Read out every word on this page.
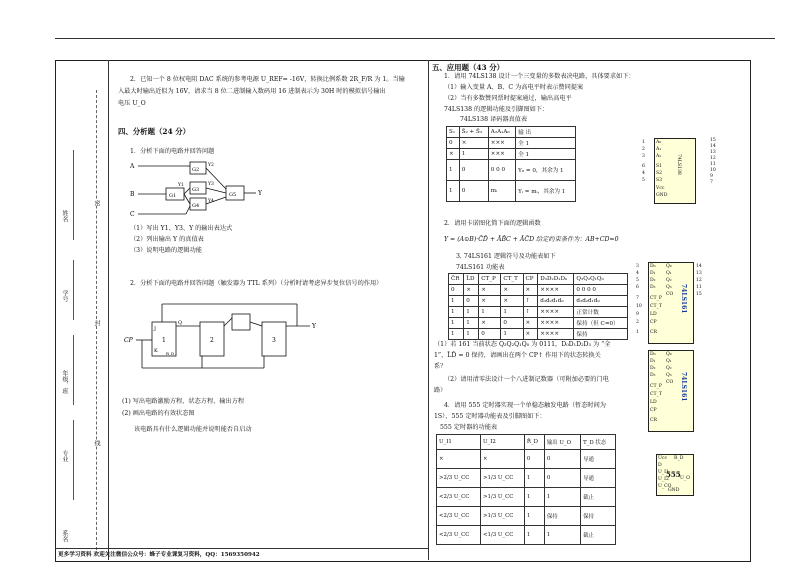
姓名
学号
年级、班
专业
系名
密
封
线
2．已知一个 8 位权电阻 DAC 系统的参考电源 U_REF= -16V，转换比例系数 2R_F/R 为 1。当输
入最大时输出近似为 16V，请求当 8 位二进制输入数码用 16 进制表示为 30H 时的模拟信号输出
电压 U_O
四、分析题（24 分）
1．分析下面的电路并回答问题
A
B
C
G1
G2
G3
G4
G5
Y1
Y2
Y3
Y4
Y
（1）写出 Y1、Y3、Y 的输出表达式
（2）列出输出 Y 的真值表
（3）说明电路的逻辑功能
2．分析下面的电路并回答问题（触发器为 TTL 系列）（分析时请考虑异步复位信号的作用）
CP	1	2	3
J
K
Q
R_D
Y
(1) 写出电路激励方程、状态方程、输出方程
(2) 画出电路的有效状态图
该电路具有什么逻辑功能并说明能否自启动
更多学习资料 欢迎关注微信公众号：蜂子专业课复习资料，QQ：1569350942
五、应用题（43 分）
1．请用 74LS138 设计一个三变量的多数表决电路，具体要求如下：
（1）输入变量 A、B、C 为高电平时表示赞同提案
（2）当有多数赞同票时提案通过，输出高电平
74LS138 的逻辑功能及引脚图如下：
74LS138 译码器真值表
S₁	S̄₂ + S̄₃	A₂A₁A₀	输 出
0	×	×××	全 1
×	1	×××	全 1
1	0	0 0 0	Y₀ = 0，其余为 1
1	0	mᵢ	Yᵢ = mᵢ，其余为 1
74LS138
A₀
A₁
A₂
S1
S2
S3
Vcc
GND
1
2
3
6
4
5
15
14
13
12
11
10
9
7
2．请用卡诺图化简下面的逻辑函数
Y = (A⊙B)·C̄D̄ + ĀB̄C + ĀC̄D 给定约束条件为：AB+CD=0
3. 74LS161 逻辑符号及功能表如下
74LS161 功能表
C̄R	L̄D	CT_P	CT_T	CP	D₃D₂D₁D₀	Q₃Q₂Q₁Q₀
0	×	×	×	×	××××	0 0 0 0
1	0	×	×	↑	d₃d₂d₁d₀	d₃d₂d₁d₀
1	1	1	1	↑	××××	正常计数
1	1	×	0	×	××××	保持（但 C=0）
1	1	0	1	×	××××	保持
74LS161
D₀
D₁
D₂
D₃
CT_P
CT_T
LD
CP
CR
Q₀
Q₁
Q₂
Q₃
CO
3
4
5
6
7
10
9
2
1
14
13
12
11
15
74LS161
D₀
D₁
D₂
D₃
CT_P
CT_T
LD
CP
CR
Q₀
Q₁
Q₂
Q₃
CO
（1）若 161 当前状态 Q₃Q₂Q₁Q₀ 为 0111，D₀D₁D₂D₃ 为 “全
1”，L̄D̄ = 0 保持，请画出在两个 CP↑ 作用下的状态转换关
系？
（2）请用清零法设计一个八进制记数器（可附加必要的门电
路）
4．请用 555 定时器实现一个单稳态触发电路（暂态时间为
1S），555 定时器功能表及引脚图如下：
555 定时器的功能表
U_I1	U_I2	R̄_D	输出 U_O	T_D 状态
×	×	0	0	导通
>2/3 U_CC	>1/3 U_CC	1	0	导通
<2/3 U_CC	>1/3 U_CC	1	1	截止
<2/3 U_CC	>1/3 U_CC	1	保持	保持
<2/3 U_CC	<1/3 U_CC	1	1	截止
555
Ucc R_D
D
U_I1
U_I2
U_CO
GND
U_O
